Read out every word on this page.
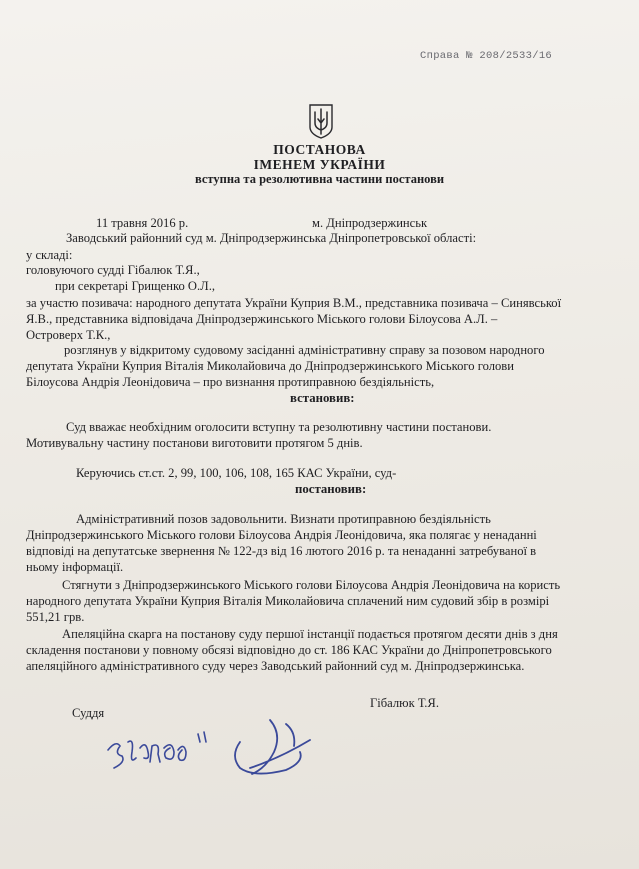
Справа № 208/2533/16
ПОСТАНОВА
ІМЕНЕМ УКРАЇНИ
вступна та резолютивна частини постанови
11 травня 2016 р.	м. Дніпродзержинськ
Заводський районний суд м. Дніпродзержинська Дніпропетровської області:
у складі:
головуючого судді Гібалюк Т.Я.,
при секретарі Грищенко О.Л.,
за участю позивача: народного депутата України Куприя В.М., представника позивача – Синявської
Я.В., представника відповідача Дніпродзержинського Міського голови Білоусова А.Л. –
Островерх Т.К.,
розглянув у відкритому судовому засіданні адміністративну справу за позовом народного
депутата України Куприя Віталія Миколайовича до Дніпродзержинського Міського голови
Білоусова Андрія Леонідовича – про визнання протиправною бездіяльність,
встановив:
Суд вважає необхідним оголосити вступну та резолютивну частини постанови.
Мотивувальну частину постанови виготовити протягом 5 днів.
Керуючись ст.ст. 2, 99, 100, 106, 108, 165 КАС України, суд-
постановив:
Адміністративний позов задовольнити. Визнати протиправною бездіяльність
Дніпродзержинського Міського голови Білоусова Андрія Леонідовича, яка полягає у ненаданні
відповіді на депутатське звернення № 122-дз від 16 лютого 2016 р. та ненаданні затребуваної в
ньому інформації.
Стягнути з Дніпродзержинського Міського голови Білоусова Андрія Леонідовича на користь
народного депутата України Куприя Віталія Миколайовича сплачений ним судовий збір в розмірі
551,21 грв.
Апеляційна скарга на постанову суду першої інстанції подається протягом десяти днів з дня
складення постанови у повному обсязі відповідно до ст. 186 КАС України до Дніпропетровського
апеляційного адміністративного суду через Заводський районний суд м. Дніпродзержинська.
Суддя
Гібалюк Т.Я.
